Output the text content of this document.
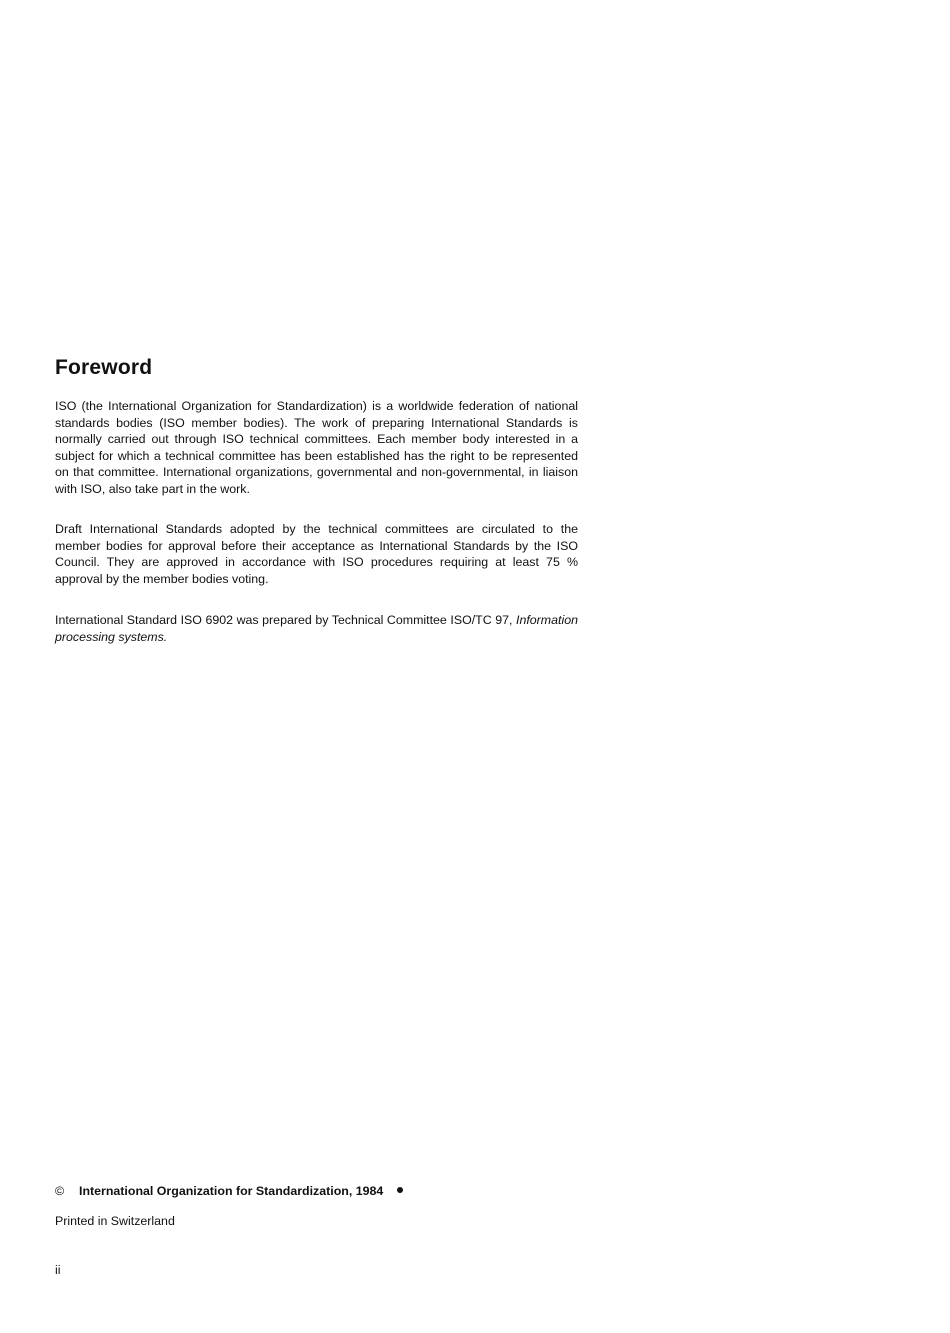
Foreword

ISO (the International Organization for Standardization) is a worldwide federation of national standards bodies (ISO member bodies). The work of preparing International Standards is normally carried out through ISO technical committees. Each member body interested in a subject for which a technical committee has been established has the right to be represented on that committee. International organizations, governmental and non-governmental, in liaison with ISO, also take part in the work.

Draft International Standards adopted by the technical committees are circulated to the member bodies for approval before their acceptance as International Standards by the ISO Council. They are approved in accordance with ISO procedures requiring at least 75 % approval by the member bodies voting.

International Standard ISO 6902 was prepared by Technical Committee ISO/TC 97, Information processing systems.

© International Organization for Standardization, 1984
Printed in Switzerland
ii
